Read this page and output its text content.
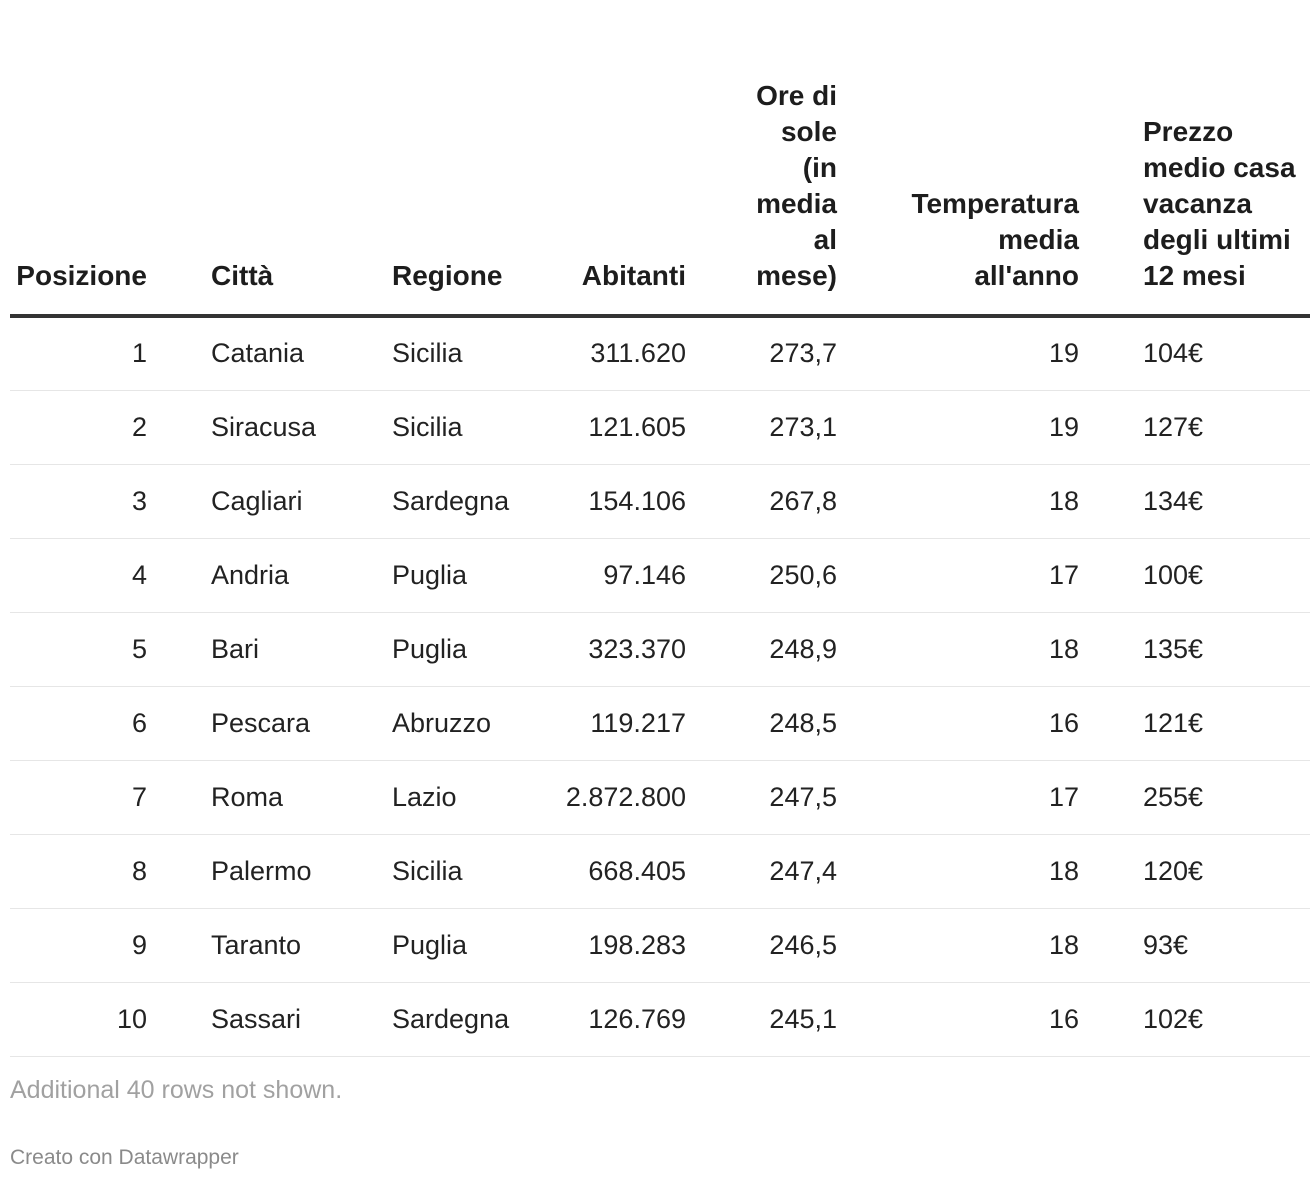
Posizione	Città	Regione	Abitanti	Ore di sole (in media al mese)	Temperatura media all'anno	Prezzo medio casa vacanza degli ultimi 12 mesi
1	Catania	Sicilia	311.620	273,7	19	104€
2	Siracusa	Sicilia	121.605	273,1	19	127€
3	Cagliari	Sardegna	154.106	267,8	18	134€
4	Andria	Puglia	97.146	250,6	17	100€
5	Bari	Puglia	323.370	248,9	18	135€
6	Pescara	Abruzzo	119.217	248,5	16	121€
7	Roma	Lazio	2.872.800	247,5	17	255€
8	Palermo	Sicilia	668.405	247,4	18	120€
9	Taranto	Puglia	198.283	246,5	18	93€
10	Sassari	Sardegna	126.769	245,1	16	102€
Additional 40 rows not shown.
Creato con Datawrapper
